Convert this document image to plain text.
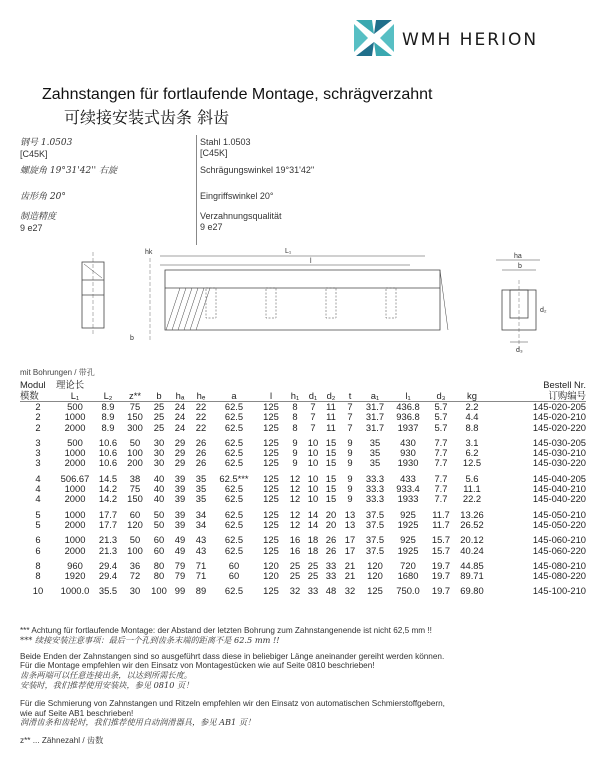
WMH HERION
Zahnstangen für fortlaufende Montage, schrägverzahnt
可续接安装式齿条 斜齿
钢号 1.0503
[C45K]
螺旋角 19°31'42'' 右旋
齿形角 20°
制造精度
9 e27
Stahl 1.0503
[C45K]
Schrägungswinkel 19°31'42''
Eingriffswinkel 20°
Verzahnungsqualität
9 e27
hk	L₁
l
b
ha
b
d₂
d₃
mit Bohrungen / 带孔
Modul	理论长																Bestell Nr.
模数	L₁	L₂	z**	b	hₐ	hₑ	a	l	h₁	d₁	d₂	t	a₁	l₁	d₃	kg	订购编号
2	500	8.9	75	25	24	22	62.5	125	8	7	11	7	31.7	436.8	5.7	2.2	145-020-205
2	1000	8.9	150	25	24	22	62.5	125	8	7	11	7	31.7	936.8	5.7	4.4	145-020-210
2	2000	8.9	300	25	24	22	62.5	125	8	7	11	7	31.7	1937	5.7	8.8	145-020-220
3	500	10.6	50	30	29	26	62.5	125	9	10	15	9	35	430	7.7	3.1	145-030-205
3	1000	10.6	100	30	29	26	62.5	125	9	10	15	9	35	930	7.7	6.2	145-030-210
3	2000	10.6	200	30	29	26	62.5	125	9	10	15	9	35	1930	7.7	12.5	145-030-220
4	506.67	14.5	38	40	39	35	62.5***	125	12	10	15	9	33.3	433	7.7	5.6	145-040-205
4	1000	14.2	75	40	39	35	62.5	125	12	10	15	9	33.3	933.4	7.7	11.1	145-040-210
4	2000	14.2	150	40	39	35	62.5	125	12	10	15	9	33.3	1933	7.7	22.2	145-040-220
5	1000	17.7	60	50	39	34	62.5	125	12	14	20	13	37.5	925	11.7	13.26	145-050-210
5	2000	17.7	120	50	39	34	62.5	125	12	14	20	13	37.5	1925	11.7	26.52	145-050-220
6	1000	21.3	50	60	49	43	62.5	125	16	18	26	17	37.5	925	15.7	20.12	145-060-210
6	2000	21.3	100	60	49	43	62.5	125	16	18	26	17	37.5	1925	15.7	40.24	145-060-220
8	960	29.4	36	80	79	71	60	120	25	25	33	21	120	720	19.7	44.85	145-080-210
8	1920	29.4	72	80	79	71	60	120	25	25	33	21	120	1680	19.7	89.71	145-080-220
10	1000.0	35.5	30	100	99	89	62.5	125	32	33	48	32	125	750.0	19.7	69.80	145-100-210
*** Achtung für fortlaufende Montage: der Abstand der letzten Bohrung zum Zahnstangenende ist nicht 62,5 mm !!
*** 续接安装注意事项：最后一个孔到齿条末端的距离不是 62.5 mm !!
Beide Enden der Zahnstangen sind so ausgeführt dass diese in beliebiger Länge aneinander gereiht werden können.
Für die Montage empfehlen wir den Einsatz von Montagestücken wie auf Seite 0810 beschrieben!
齿条两端可以任意连接出条，以达到所需长度。
安装时，我们推荐使用安装块，参见 0810 页！
Für die Schmierung von Zahnstangen und Ritzeln empfehlen wir den Einsatz von automatischen Schmierstoffgebern,
wie auf Seite AB1 beschrieben!
润滑齿条和齿轮时，我们推荐使用自动润滑器具，参见 AB1 页！
z** ... Zähnezahl / 齿数
